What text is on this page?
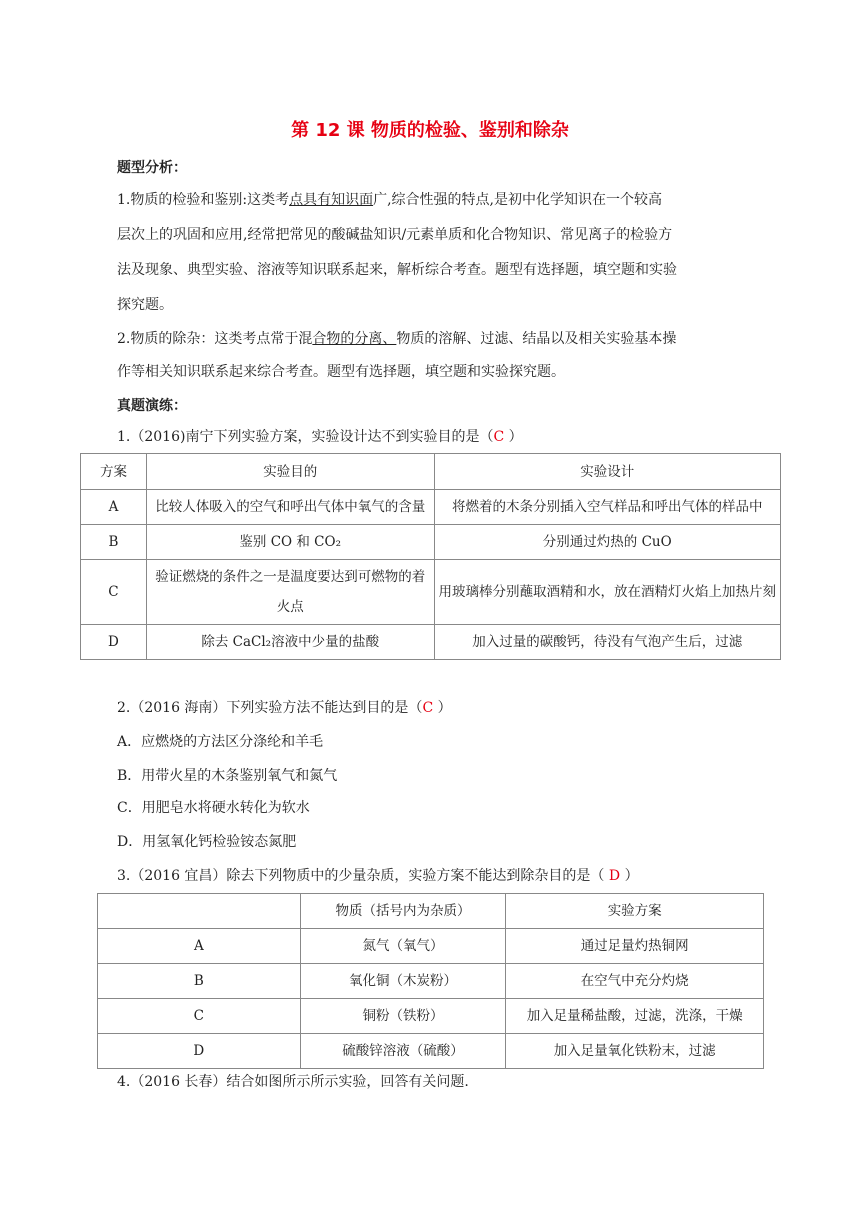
第 12 课 物质的检验、鉴别和除杂
题型分析：
1.物质的检验和鉴别:这类考点具有知识面广,综合性强的特点,是初中化学知识在一个较高
层次上的巩固和应用,经常把常见的酸碱盐知识/元素单质和化合物知识、常见离子的检验方
法及现象、典型实验、溶液等知识联系起来，解析综合考查。题型有选择题，填空题和实验
探究题。
2.物质的除杂：这类考点常于混合物的分离、物质的溶解、过滤、结晶以及相关实验基本操
作等相关知识联系起来综合考查。题型有选择题，填空题和实验探究题。
真题演练：
1.（2016)南宁下列实验方案，实验设计达不到实验目的是（C ）
方案	实验目的	实验设计
A	比较人体吸入的空气和呼出气体中氧气的含量	将燃着的木条分别插入空气样品和呼出气体的样品中
B	鉴别 CO 和 CO₂	分别通过灼热的 CuO
C	验证燃烧的条件之一是温度要达到可燃物的着火点	用玻璃棒分别蘸取酒精和水，放在酒精灯火焰上加热片刻
D	除去 CaCl₂溶液中少量的盐酸	加入过量的碳酸钙，待没有气泡产生后，过滤
2.（2016 海南）下列实验方法不能达到目的是（C ）
A．应燃烧的方法区分涤纶和羊毛
B．用带火星的木条鉴别氧气和氮气
C．用肥皂水将硬水转化为软水
D．用氢氧化钙检验铵态氮肥
3.（2016 宜昌）除去下列物质中的少量杂质，实验方案不能达到除杂目的是（ D ）
	物质（括号内为杂质）	实验方案
A	氮气（氧气）	通过足量灼热铜网
B	氧化铜（木炭粉）	在空气中充分灼烧
C	铜粉（铁粉）	加入足量稀盐酸，过滤，洗涤，干燥
D	硫酸锌溶液（硫酸）	加入足量氧化铁粉末，过滤
4.（2016 长春）结合如图所示所示实验，回答有关问题.
